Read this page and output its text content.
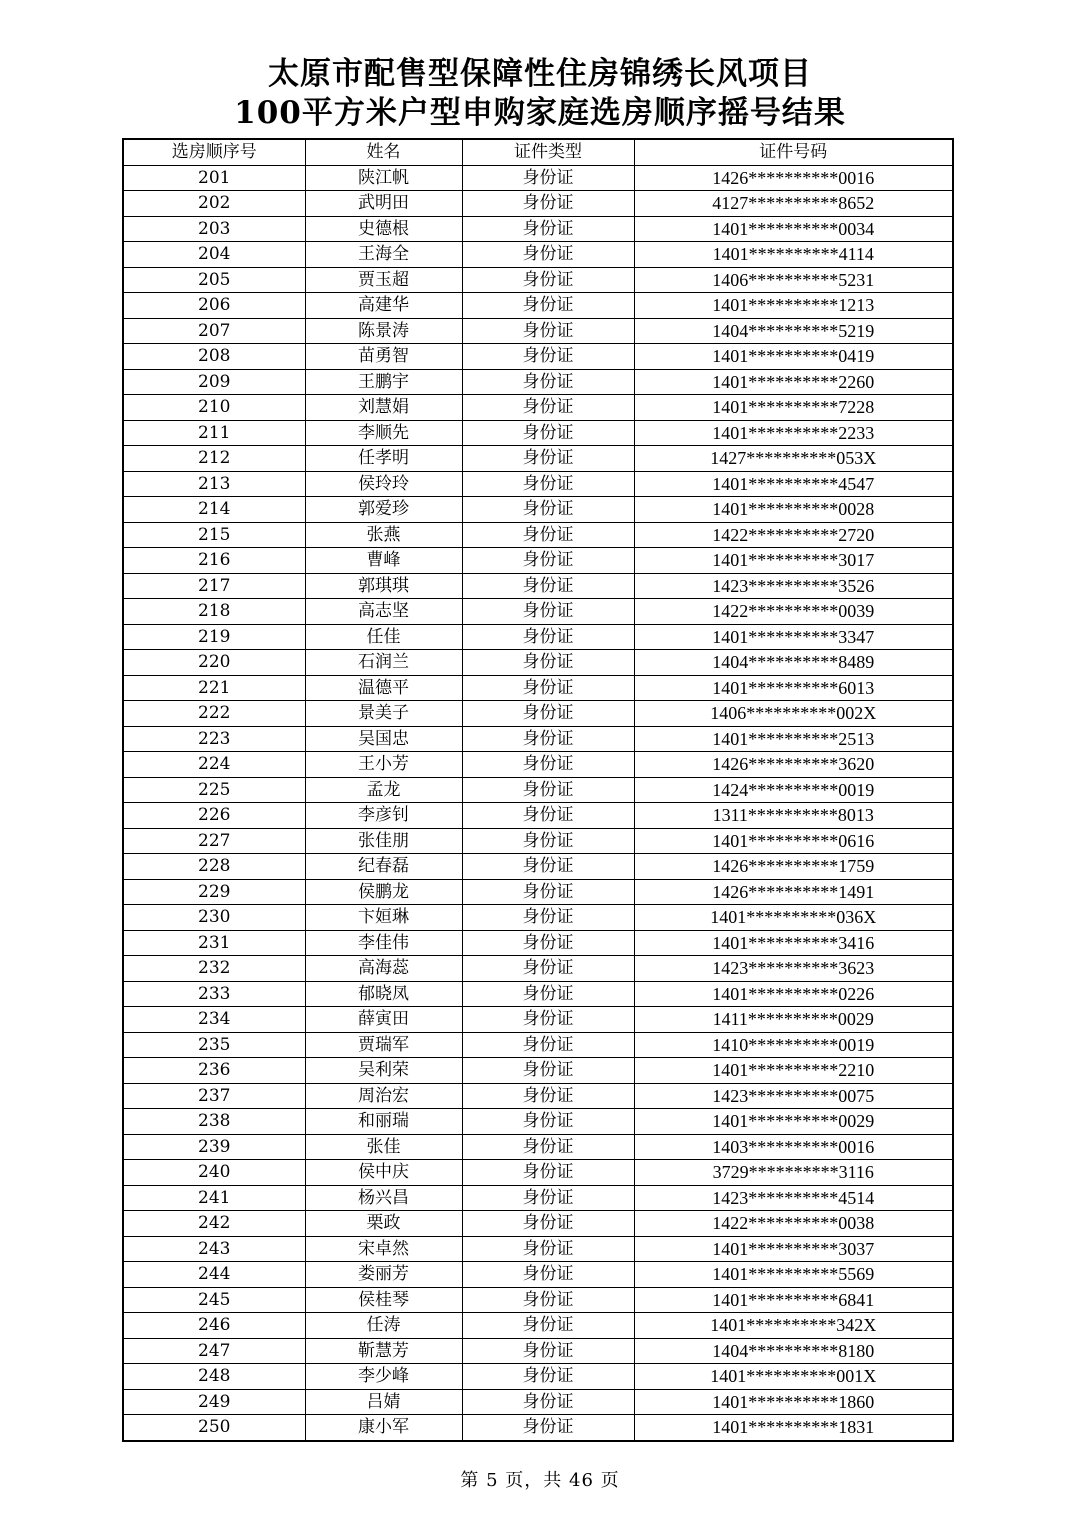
太原市配售型保障性住房锦绣长风项目
100平方米户型申购家庭选房顺序摇号结果
选房顺序号	姓名	证件类型	证件号码
201	陕江帆	身份证	1426**********0016
202	武明田	身份证	4127**********8652
203	史德根	身份证	1401**********0034
204	王海全	身份证	1401**********4114
205	贾玉超	身份证	1406**********5231
206	高建华	身份证	1401**********1213
207	陈景涛	身份证	1404**********5219
208	苗勇智	身份证	1401**********0419
209	王鹏宇	身份证	1401**********2260
210	刘慧娟	身份证	1401**********7228
211	李顺先	身份证	1401**********2233
212	任孝明	身份证	1427**********053X
213	侯玲玲	身份证	1401**********4547
214	郭爱珍	身份证	1401**********0028
215	张燕	身份证	1422**********2720
216	曹峰	身份证	1401**********3017
217	郭琪琪	身份证	1423**********3526
218	高志坚	身份证	1422**********0039
219	任佳	身份证	1401**********3347
220	石润兰	身份证	1404**********8489
221	温德平	身份证	1401**********6013
222	景美子	身份证	1406**********002X
223	吴国忠	身份证	1401**********2513
224	王小芳	身份证	1426**********3620
225	孟龙	身份证	1424**********0019
226	李彦钊	身份证	1311**********8013
227	张佳朋	身份证	1401**********0616
228	纪春磊	身份证	1426**********1759
229	侯鹏龙	身份证	1426**********1491
230	卞姮琳	身份证	1401**********036X
231	李佳伟	身份证	1401**********3416
232	高海蕊	身份证	1423**********3623
233	郁晓凤	身份证	1401**********0226
234	薛寅田	身份证	1411**********0029
235	贾瑞军	身份证	1410**********0019
236	吴利荣	身份证	1401**********2210
237	周治宏	身份证	1423**********0075
238	和丽瑞	身份证	1401**********0029
239	张佳	身份证	1403**********0016
240	侯中庆	身份证	3729**********3116
241	杨兴昌	身份证	1423**********4514
242	栗政	身份证	1422**********0038
243	宋卓然	身份证	1401**********3037
244	娄丽芳	身份证	1401**********5569
245	侯桂琴	身份证	1401**********6841
246	任涛	身份证	1401**********342X
247	靳慧芳	身份证	1404**********8180
248	李少峰	身份证	1401**********001X
249	吕婧	身份证	1401**********1860
250	康小军	身份证	1401**********1831
第 5 页，共 46 页
